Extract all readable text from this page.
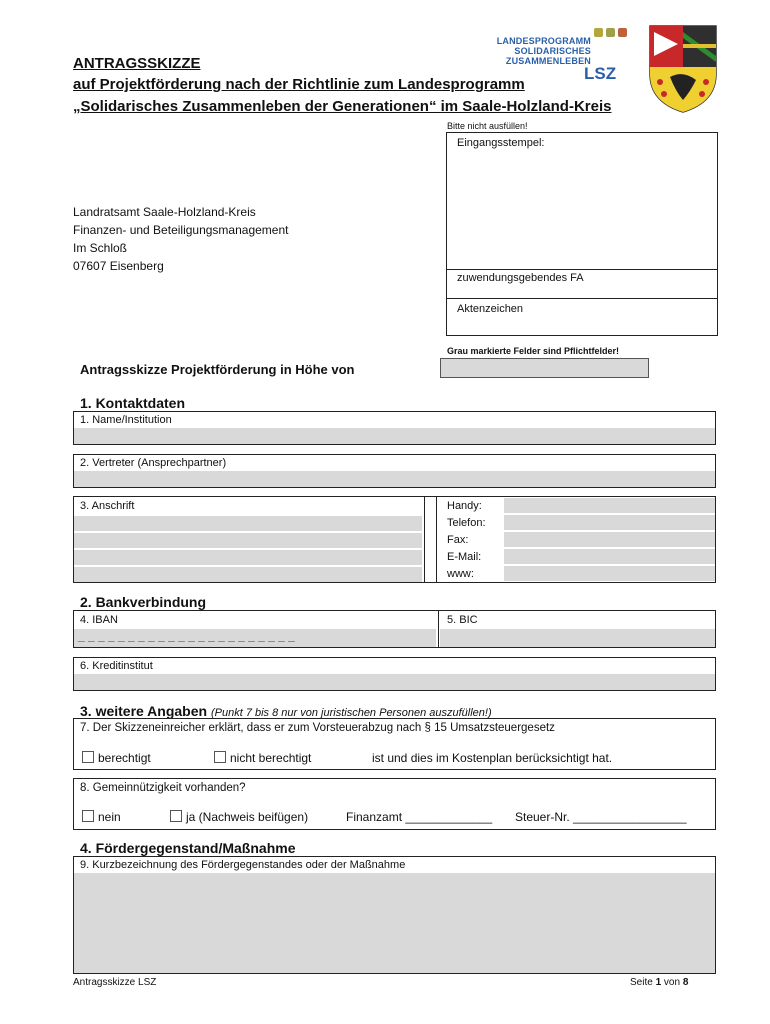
ANTRAGSSKIZZE
auf Projektförderung nach der Richtlinie zum Landesprogramm
„Solidarisches Zusammenleben der Generationen“ im Saale-Holzland-Kreis
LANDESPROGRAMM
SOLIDARISCHES
ZUSAMMENLEBEN
LSZ
Bitte nicht ausfüllen!
Eingangsstempel:
zuwendungsgebendes FA
Aktenzeichen
Landratsamt Saale-Holzland-Kreis
Finanzen- und Beteiligungsmanagement
Im Schloß
07607 Eisenberg
Grau markierte Felder sind Pflichtfelder!
Antragsskizze Projektförderung in Höhe von
1. Kontaktdaten
1. Name/Institution
2. Vertreter (Ansprechpartner)
3. Anschrift	Handy:
Telefon:
Fax:
E-Mail:
www:
2. Bankverbindung
4. IBAN
_ _ _ _ _ _ _ _ _ _ _ _ _ _ _ _ _ _ _ _ _ _
5. BIC
6. Kreditinstitut
3. weitere Angaben (Punkt 7 bis 8 nur von juristischen Personen auszufüllen!)
7. Der Skizzeneinreicher erklärt, dass er zum Vorsteuerabzug nach § 15 Umsatzsteuergesetz
berechtigt	nicht berechtigt	ist und dies im Kostenplan berücksichtigt hat.
8. Gemeinnützigkeit vorhanden?
nein	ja (Nachweis beifügen)	Finanzamt _____________ Steuer-Nr. _________________
4. Fördergegenstand/Maßnahme
9. Kurzbezeichnung des Fördergegenstandes oder der Maßnahme
Antragsskizze LSZ	Seite 1 von 8
